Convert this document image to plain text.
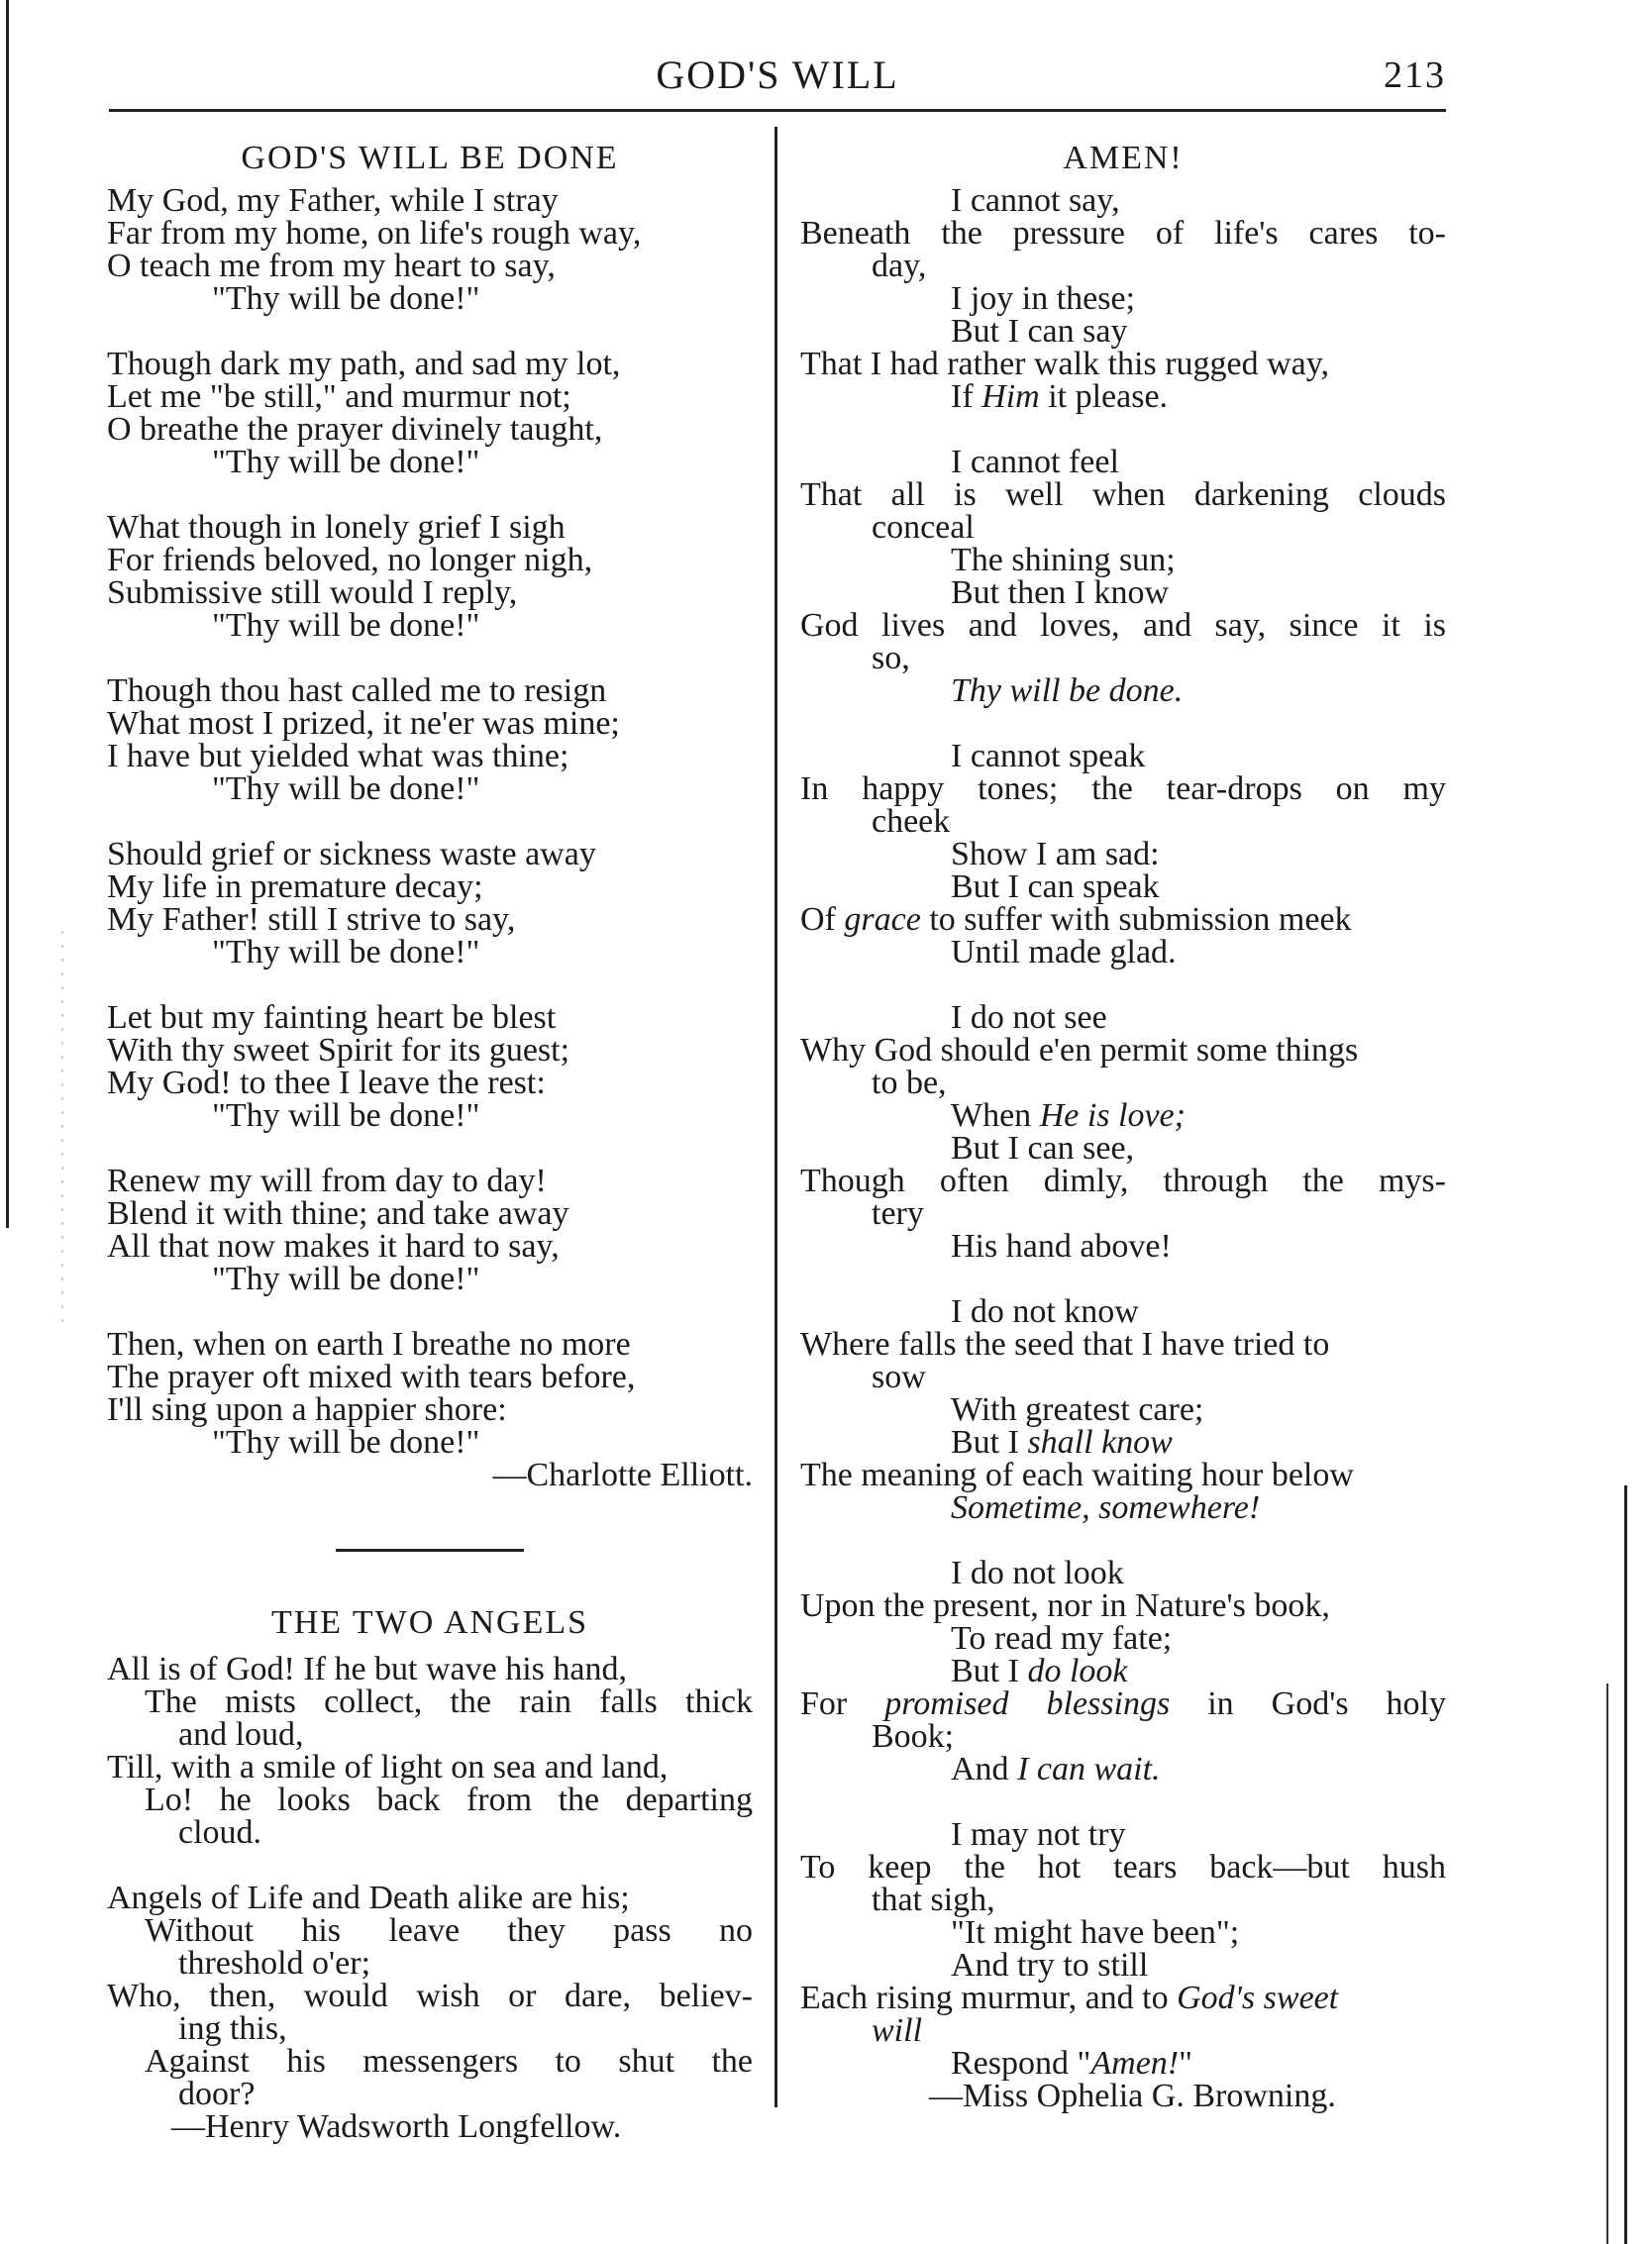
GOD'S WILL	213
GOD'S WILL BE DONE
My God, my Father, while I stray
Far from my home, on life's rough way,
O teach me from my heart to say,
"Thy will be done!"
Though dark my path, and sad my lot,
Let me "be still," and murmur not;
O breathe the prayer divinely taught,
"Thy will be done!"
What though in lonely grief I sigh
For friends beloved, no longer nigh,
Submissive still would I reply,
"Thy will be done!"
Though thou hast called me to resign
What most I prized, it ne'er was mine;
I have but yielded what was thine;
"Thy will be done!"
Should grief or sickness waste away
My life in premature decay;
My Father! still I strive to say,
"Thy will be done!"
Let but my fainting heart be blest
With thy sweet Spirit for its guest;
My God! to thee I leave the rest:
"Thy will be done!"
Renew my will from day to day!
Blend it with thine; and take away
All that now makes it hard to say,
"Thy will be done!"
Then, when on earth I breathe no more
The prayer oft mixed with tears before,
I'll sing upon a happier shore:
"Thy will be done!"
—Charlotte Elliott.
THE TWO ANGELS
All is of God! If he but wave his hand,
The mists collect, the rain falls thick
and loud,
Till, with a smile of light on sea and land,
Lo! he looks back from the departing
cloud.
Angels of Life and Death alike are his;
Without his leave they pass no
threshold o'er;
Who, then, would wish or dare, believ-
ing this,
Against his messengers to shut the
door?
—Henry Wadsworth Longfellow.
AMEN!
I cannot say,
Beneath the pressure of life's cares to-
day,
I joy in these;
But I can say
That I had rather walk this rugged way,
If Him it please.
I cannot feel
That all is well when darkening clouds
conceal
The shining sun;
But then I know
God lives and loves, and say, since it is
so,
Thy will be done.
I cannot speak
In happy tones; the tear-drops on my
cheek
Show I am sad:
But I can speak
Of grace to suffer with submission meek
Until made glad.
I do not see
Why God should e'en permit some things
to be,
When He is love;
But I can see,
Though often dimly, through the mys-
tery
His hand above!
I do not know
Where falls the seed that I have tried to
sow
With greatest care;
But I shall know
The meaning of each waiting hour below
Sometime, somewhere!
I do not look
Upon the present, nor in Nature's book,
To read my fate;
But I do look
For promised blessings in God's holy
Book;
And I can wait.
I may not try
To keep the hot tears back—but hush
that sigh,
"It might have been";
And try to still
Each rising murmur, and to God's sweet
will
Respond "Amen!"
—Miss Ophelia G. Browning.
